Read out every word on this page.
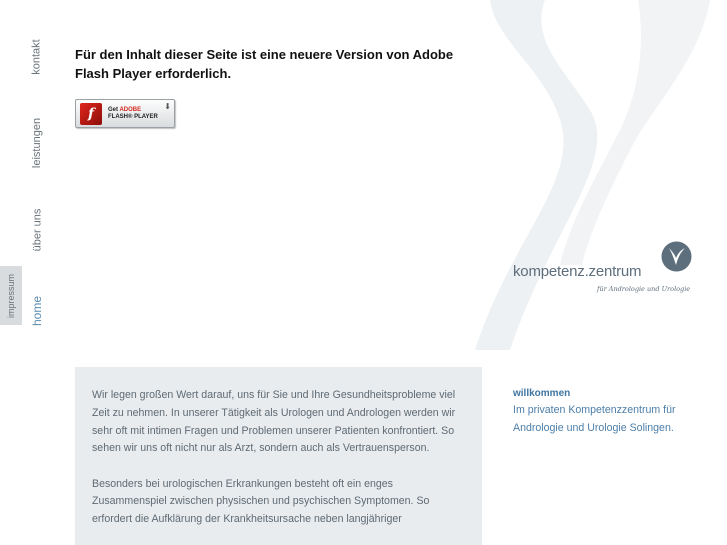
kontakt
leistungen
über uns
home
impressum
Für den Inhalt dieser Seite ist eine neuere Version von Adobe Flash Player erforderlich.
f	Get ADOBE
FLASH® PLAYER
⬇
kompetenz.zentrum
für Andrologie und Urologie

Wir legen großen Wert darauf, uns für Sie und Ihre Gesundheitsprobleme viel Zeit zu nehmen. In unserer Tätigkeit als Urologen und Andrologen werden wir sehr oft mit intimen Fragen und Problemen unserer Patienten konfrontiert. So sehen wir uns oft nicht nur als Arzt, sondern auch als Vertrauensperson.

Besonders bei urologischen Erkrankungen besteht oft ein enges Zusammenspiel zwischen physischen und psychischen Symptomen. So erfordert die Aufklärung der Krankheitsursache neben langjähriger

willkommen
Im privaten Kompetenzzentrum für Andrologie und Urologie Solingen.
